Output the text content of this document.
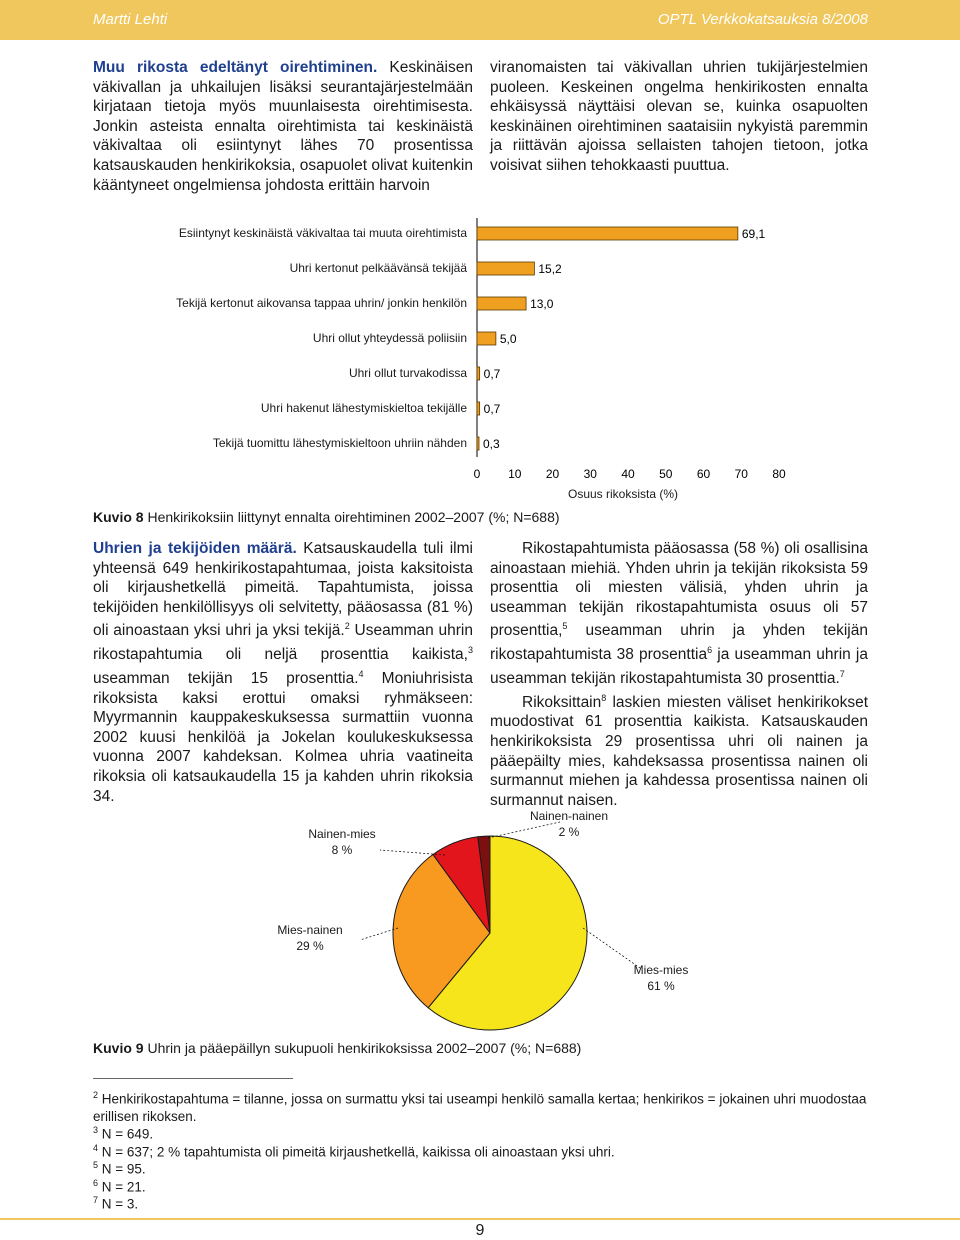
Martti Lehti	OPTL Verkkokatsauksia 8/2008

Muu rikosta edeltänyt oirehtiminen. Keskinäisen väkivallan ja uhkailujen lisäksi seurantajärjestelmään kirjataan tietoja myös muunlaisesta oirehtimisesta. Jonkin asteista ennalta oirehtimista tai keskinäistä väkivaltaa oli esiintynyt lähes 70 prosentissa katsauskauden henkirikoksia, osapuolet olivat kuitenkin kääntyneet ongelmiensa johdosta erittäin harvoin

viranomaisten tai väkivallan uhrien tukijärjestelmien puoleen. Keskeinen ongelma henkirikosten ennalta ehkäisyssä näyttäisi olevan se, kuinka osapuolten keskinäinen oirehtiminen saataisiin nykyistä paremmin ja riittävän ajoissa sellaisten tahojen tietoon, jotka voisivat siihen tehokkaasti puuttua.

Esiintynyt keskinäistä väkivaltaa tai muuta oirehtimista
Uhri kertonut pelkäävänsä tekijää
Tekijä kertonut aikovansa tappaa uhrin/ jonkin henkilön
Uhri ollut yhteydessä poliisiin
Uhri ollut turvakodissa
Uhri hakenut lähestymiskieltoa tekijälle
Tekijä tuomittu lähestymiskieltoon uhriin nähden
69,1
15,2
13,0
5,0
0,7
0,7
0,3
0 10 20 30 40 50 60 70 80
Osuus rikoksista (%)
Kuvio 8 Henkirikoksiin liittynyt ennalta oirehtiminen 2002–2007 (%; N=688)

Uhrien ja tekijöiden määrä. Katsauskaudella tuli ilmi yhteensä 649 henkirikostapahtumaa, joista kaksitoista oli kirjaushetkellä pimeitä. Tapahtumista, joissa tekijöiden henkilöllisyys oli selvitetty, pääosassa (81 %) oli ainoastaan yksi uhri ja yksi tekijä.$^2$ Useamman uhrin rikostapahtumia oli neljä prosenttia kaikista,$^3$ useamman tekijän 15 prosenttia.$^4$ Moniuhrisista rikoksista kaksi erottui omaksi ryhmäkseen: Myyrmannin kauppakeskuksessa surmattiin vuonna 2002 kuusi henkilöä ja Jokelan koulukeskuksessa vuonna 2007 kahdeksan. Kolmea uhria vaatineita rikoksia oli katsaukaudella 15 ja kahden uhrin rikoksia 34.

Rikostapahtumista pääosassa (58 %) oli osallisina ainoastaan miehiä. Yhden uhrin ja tekijän rikoksista 59 prosenttia oli miesten välisiä, yhden uhrin ja useamman tekijän rikostapahtumista osuus oli 57 prosenttia,$^5$ useamman uhrin ja yhden tekijän rikostapahtumista 38 prosenttia$^6$ ja useamman uhrin ja useamman tekijän rikostapahtumista 30 prosenttia.$^7$

Rikoksittain$^8$ laskien miesten väliset henkirikokset muodostivat 61 prosenttia kaikista. Katsauskauden henkirikoksista 29 prosentissa uhri oli nainen ja pääepäilty mies, kahdeksassa prosentissa nainen oli surmannut miehen ja kahdessa prosentissa nainen oli surmannut naisen.

Mies-mies
61 %
Mies-nainen
29 %
Nainen-mies
8 %
Nainen-nainen
2 %
Kuvio 9 Uhrin ja pääepäillyn sukupuoli henkirikoksissa 2002–2007 (%; N=688)
$^2$ Henkirikostapahtuma = tilanne, jossa on surmattu yksi tai useampi henkilö samalla kertaa; henkirikos = jokainen uhri muodostaa erillisen rikoksen.
$^3$ N = 649.
$^4$ N = 637; 2 % tapahtumista oli pimeitä kirjaushetkellä, kaikissa oli ainoastaan yksi uhri.
$^5$ N = 95.
$^6$ N = 21.
$^7$ N = 3.
9
